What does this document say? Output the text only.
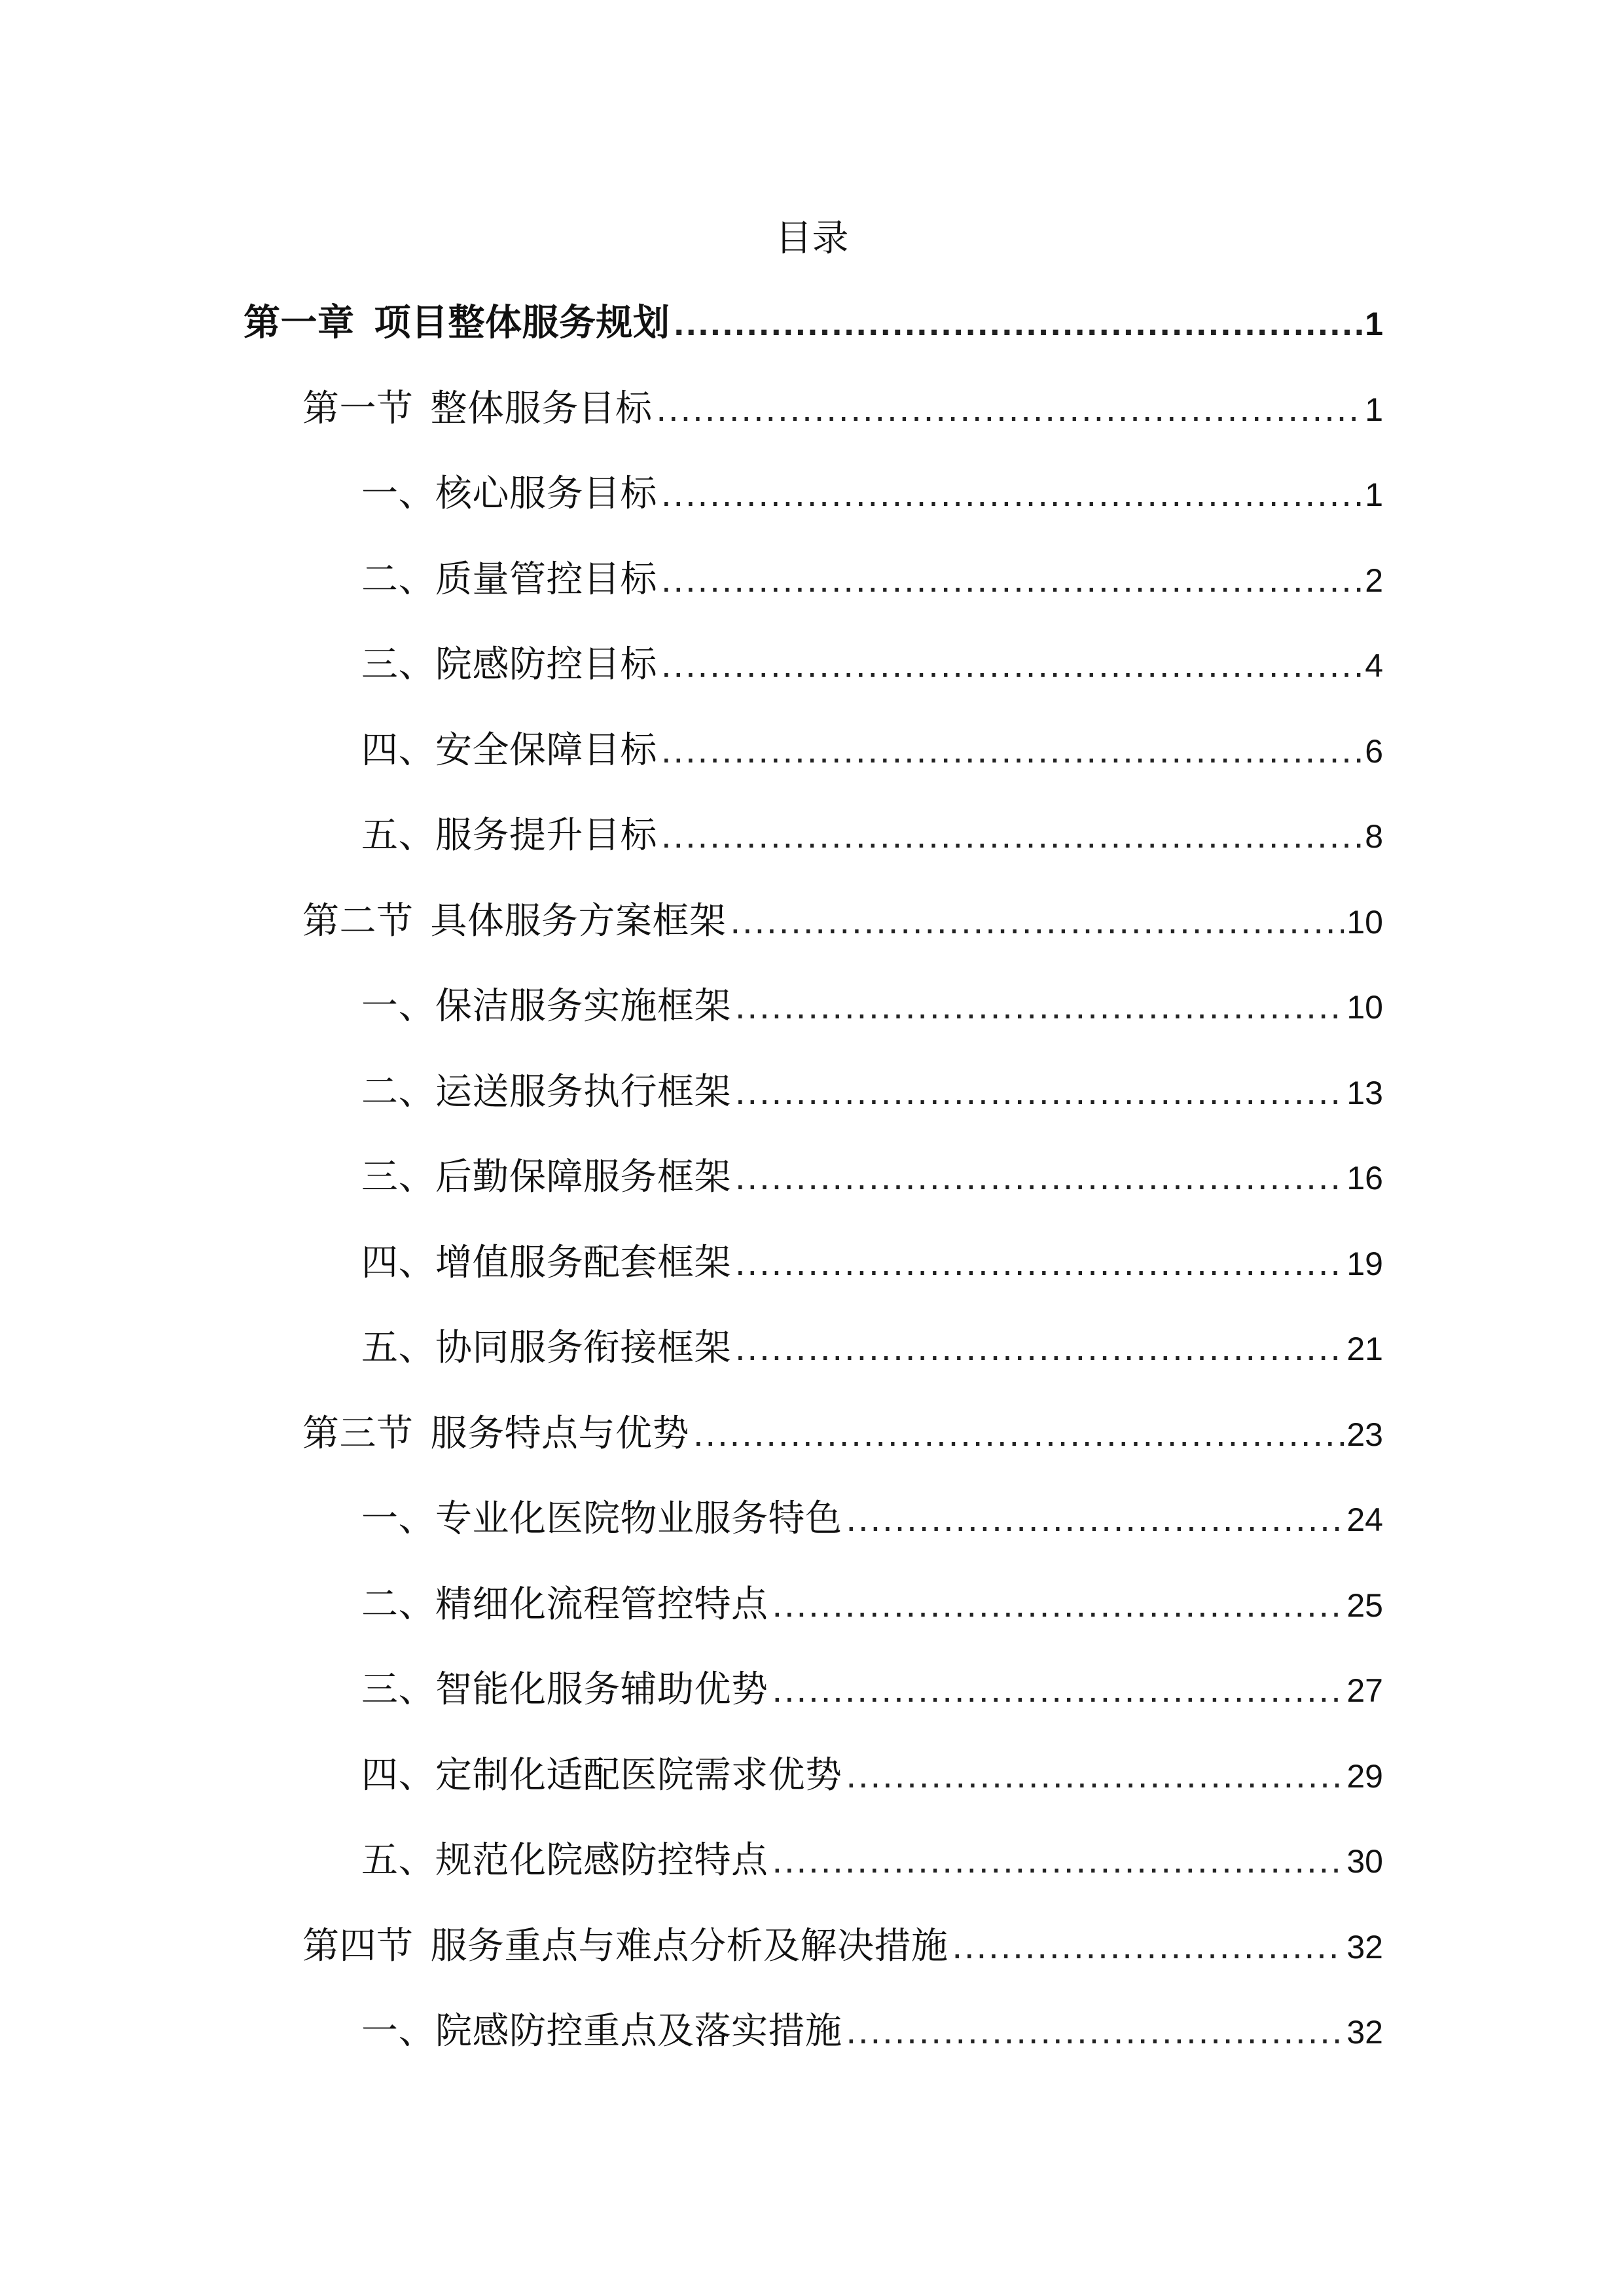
目录
第一章 项目整体服务规划 .....	1
第一节 整体服务目标 .....	1
一、核心服务目标 .....	1
二、质量管控目标 .....	2
三、院感防控目标 .....	4
四、安全保障目标 .....	6
五、服务提升目标 .....	8
第二节 具体服务方案框架 .....	10
一、保洁服务实施框架 .....	10
二、运送服务执行框架 .....	13
三、后勤保障服务框架 .....	16
四、增值服务配套框架 .....	19
五、协同服务衔接框架 .....	21
第三节 服务特点与优势 .....	23
一、专业化医院物业服务特色 .....	24
二、精细化流程管控特点 .....	25
三、智能化服务辅助优势 .....	27
四、定制化适配医院需求优势 .....	29
五、规范化院感防控特点 .....	30
第四节 服务重点与难点分析及解决措施 .....	32
一、院感防控重点及落实措施 .....	32
